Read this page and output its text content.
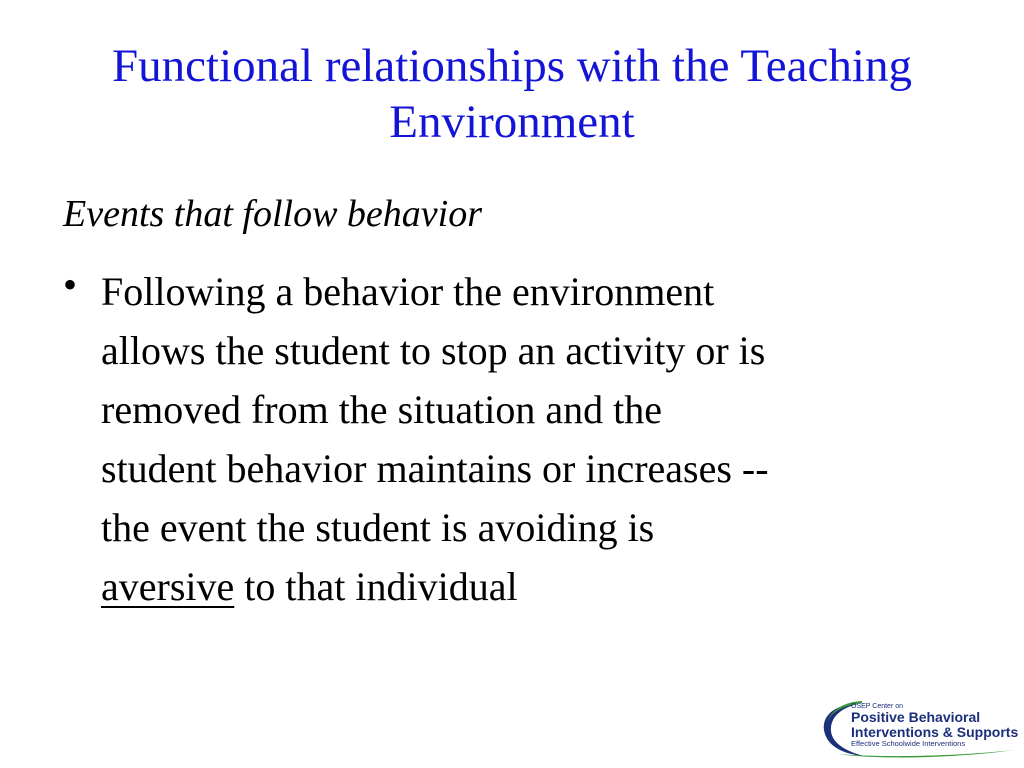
Functional relationships with the Teaching
Environment
Events that follow behavior
• Following a behavior the environment
allows the student to stop an activity or is
removed from the situation and the
student behavior maintains or increases --
the event the student is avoiding is
aversive to that individual
OSEP Center on
Positive Behavioral
Interventions & Supports
Effective Schoolwide Interventions
